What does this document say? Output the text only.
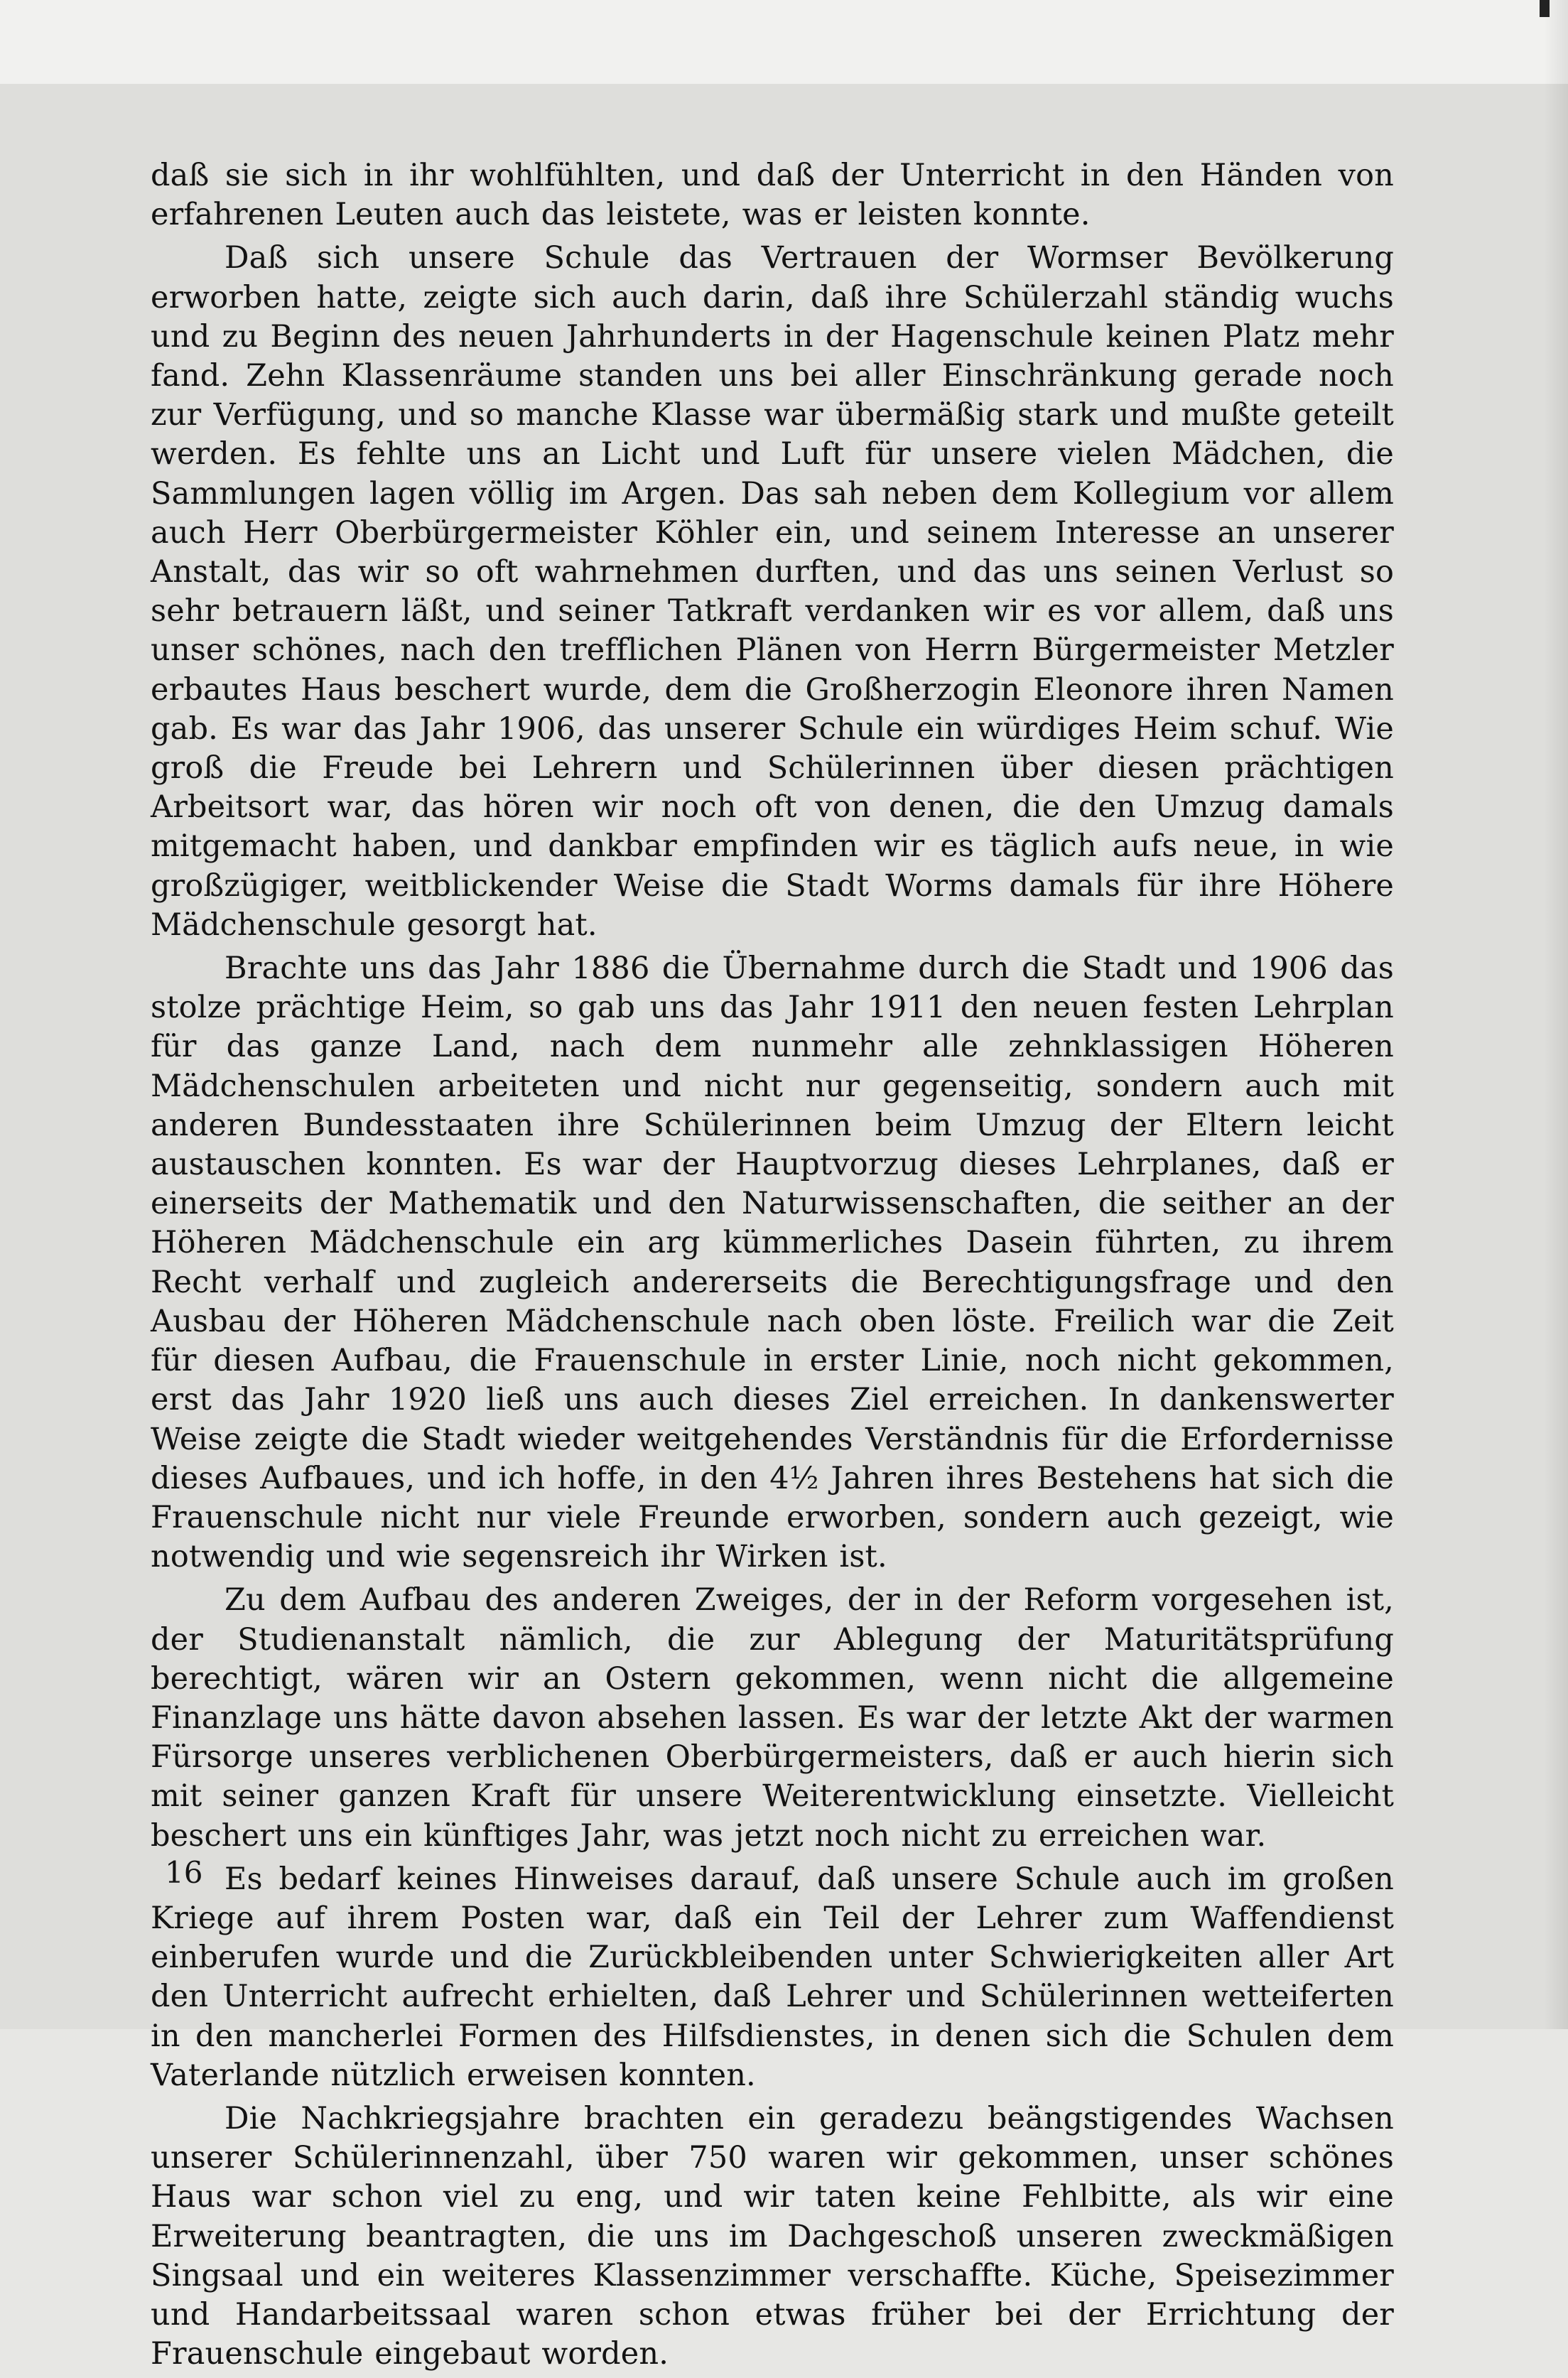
daß sie sich in ihr wohlfühlten, und daß der Unterricht in den Händen von erfahrenen Leuten auch das leistete, was er leisten konnte.

Daß sich unsere Schule das Vertrauen der Wormser Bevölkerung erworben hatte, zeigte sich auch darin, daß ihre Schülerzahl ständig wuchs und zu Beginn des neuen Jahrhunderts in der Hagenschule keinen Platz mehr fand. Zehn Klassenräume standen uns bei aller Einschränkung gerade noch zur Verfügung, und so manche Klasse war übermäßig stark und mußte geteilt werden. Es fehlte uns an Licht und Luft für unsere vielen Mädchen, die Sammlungen lagen völlig im Argen. Das sah neben dem Kollegium vor allem auch Herr Oberbürgermeister Köhler ein, und seinem Interesse an unserer Anstalt, das wir so oft wahrnehmen durften, und das uns seinen Verlust so sehr betrauern läßt, und seiner Tatkraft verdanken wir es vor allem, daß uns unser schönes, nach den trefflichen Plänen von Herrn Bürgermeister Metzler erbautes Haus beschert wurde, dem die Großherzogin Eleonore ihren Namen gab. Es war das Jahr 1906, das unserer Schule ein würdiges Heim schuf. Wie groß die Freude bei Lehrern und Schülerinnen über diesen prächtigen Arbeitsort war, das hören wir noch oft von denen, die den Umzug damals mitgemacht haben, und dankbar empfinden wir es täglich aufs neue, in wie großzügiger, weitblickender Weise die Stadt Worms damals für ihre Höhere Mädchenschule gesorgt hat.

Brachte uns das Jahr 1886 die Übernahme durch die Stadt und 1906 das stolze prächtige Heim, so gab uns das Jahr 1911 den neuen festen Lehrplan für das ganze Land, nach dem nunmehr alle zehnklassigen Höheren Mädchenschulen arbeiteten und nicht nur gegenseitig, sondern auch mit anderen Bundesstaaten ihre Schülerinnen beim Umzug der Eltern leicht austauschen konnten. Es war der Hauptvorzug dieses Lehrplanes, daß er einerseits der Mathematik und den Naturwissenschaften, die seither an der Höheren Mädchenschule ein arg kümmerliches Dasein führten, zu ihrem Recht verhalf und zugleich andererseits die Berechtigungsfrage und den Ausbau der Höheren Mädchenschule nach oben löste. Freilich war die Zeit für diesen Aufbau, die Frauenschule in erster Linie, noch nicht gekommen, erst das Jahr 1920 ließ uns auch dieses Ziel erreichen. In dankenswerter Weise zeigte die Stadt wieder weitgehendes Verständnis für die Erfordernisse dieses Aufbaues, und ich hoffe, in den 4½ Jahren ihres Bestehens hat sich die Frauenschule nicht nur viele Freunde erworben, sondern auch gezeigt, wie notwendig und wie segensreich ihr Wirken ist.

Zu dem Aufbau des anderen Zweiges, der in der Reform vorgesehen ist, der Studienanstalt nämlich, die zur Ablegung der Maturitätsprüfung berechtigt, wären wir an Ostern gekommen, wenn nicht die allgemeine Finanzlage uns hätte davon absehen lassen. Es war der letzte Akt der warmen Fürsorge unseres verblichenen Oberbürgermeisters, daß er auch hierin sich mit seiner ganzen Kraft für unsere Weiterentwicklung einsetzte. Vielleicht beschert uns ein künftiges Jahr, was jetzt noch nicht zu erreichen war.

Es bedarf keines Hinweises darauf, daß unsere Schule auch im großen Kriege auf ihrem Posten war, daß ein Teil der Lehrer zum Waffendienst einberufen wurde und die Zurückbleibenden unter Schwierigkeiten aller Art den Unterricht aufrecht erhielten, daß Lehrer und Schülerinnen wetteiferten in den mancherlei Formen des Hilfsdienstes, in denen sich die Schulen dem Vaterlande nützlich erweisen konnten.

Die Nachkriegsjahre brachten ein geradezu beängstigendes Wachsen unserer Schülerinnenzahl, über 750 waren wir gekommen, unser schönes Haus war schon viel zu eng, und wir taten keine Fehlbitte, als wir eine Erweiterung beantragten, die uns im Dachgeschoß unseren zweckmäßigen Singsaal und ein weiteres Klassenzimmer verschaffte. Küche, Speisezimmer und Handarbeitssaal waren schon etwas früher bei der Errichtung der Frauenschule eingebaut worden.

16
